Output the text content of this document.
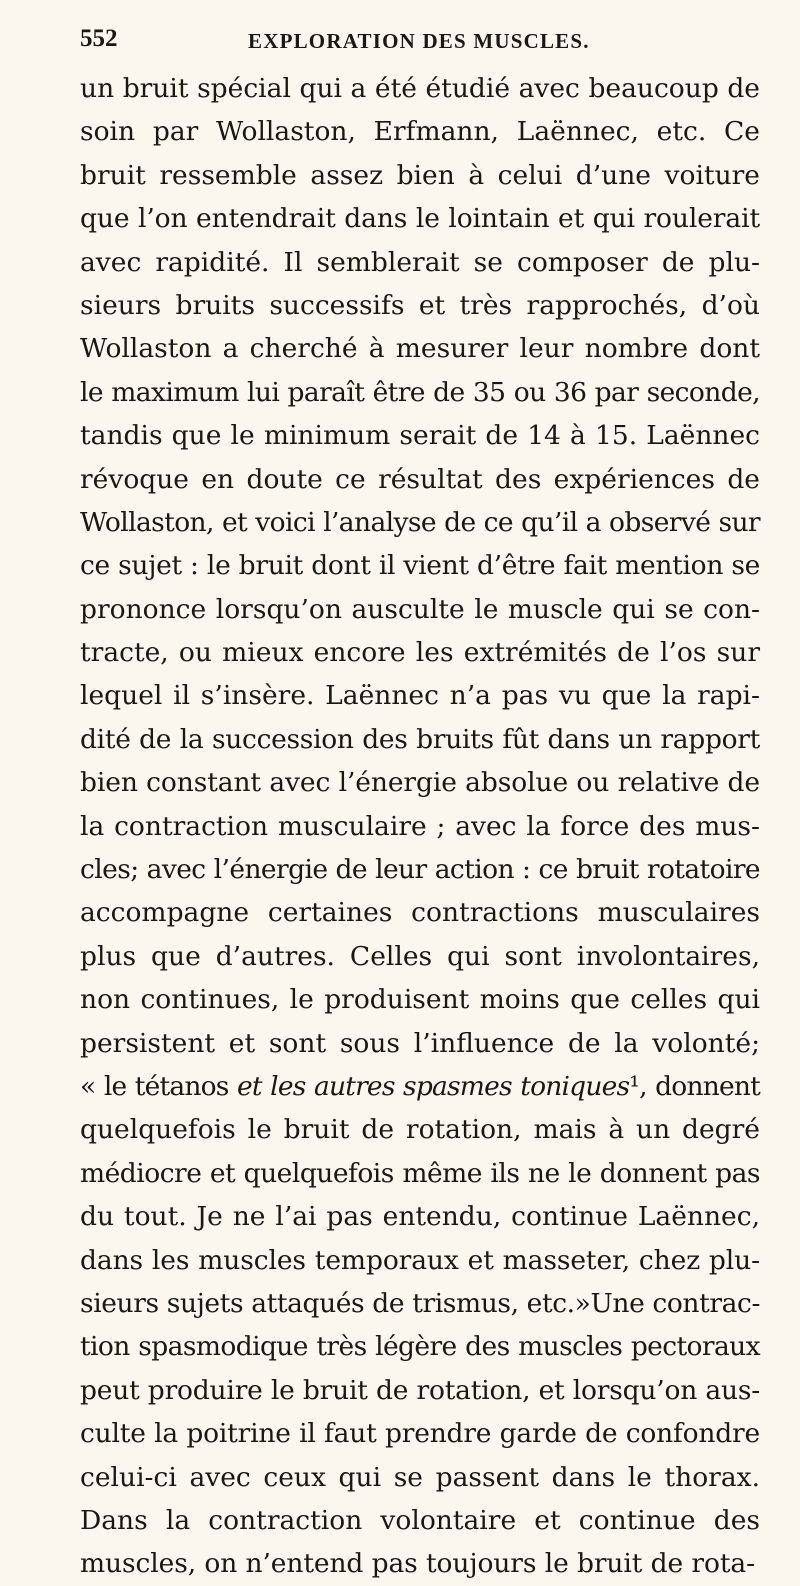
552	EXPLORATION DES MUSCLES.
un bruit spécial qui a été étudié avec beaucoup de
soin par Wollaston, Erfmann, Laënnec, etc. Ce
bruit ressemble assez bien à celui d’une voiture
que l’on entendrait dans le lointain et qui roulerait
avec rapidité. Il semblerait se composer de plu-
sieurs bruits successifs et très rapprochés, d’où
Wollaston a cherché à mesurer leur nombre dont
le maximum lui paraît être de 35 ou 36 par seconde,
tandis que le minimum serait de 14 à 15. Laënnec
révoque en doute ce résultat des expériences de
Wollaston, et voici l’analyse de ce qu’il a observé sur
ce sujet : le bruit dont il vient d’être fait mention se
prononce lorsqu’on ausculte le muscle qui se con-
tracte, ou mieux encore les extrémités de l’os sur
lequel il s’insère. Laënnec n’a pas vu que la rapi-
dité de la succession des bruits fût dans un rapport
bien constant avec l’énergie absolue ou relative de
la contraction musculaire ; avec la force des mus-
cles; avec l’énergie de leur action : ce bruit rotatoire
accompagne certaines contractions musculaires
plus que d’autres. Celles qui sont involontaires,
non continues, le produisent moins que celles qui
persistent et sont sous l’influence de la volonté;
« le tétanos et les autres spasmes toniques¹, donnent
quelquefois le bruit de rotation, mais à un degré
médiocre et quelquefois même ils ne le donnent pas
du tout. Je ne l’ai pas entendu, continue Laënnec,
dans les muscles temporaux et masseter, chez plu-
sieurs sujets attaqués de trismus, etc.»Une contrac-
tion spasmodique très légère des muscles pectoraux
peut produire le bruit de rotation, et lorsqu’on aus-
culte la poitrine il faut prendre garde de confondre
celui-ci avec ceux qui se passent dans le thorax.
Dans la contraction volontaire et continue des
muscles, on n’entend pas toujours le bruit de rota-
